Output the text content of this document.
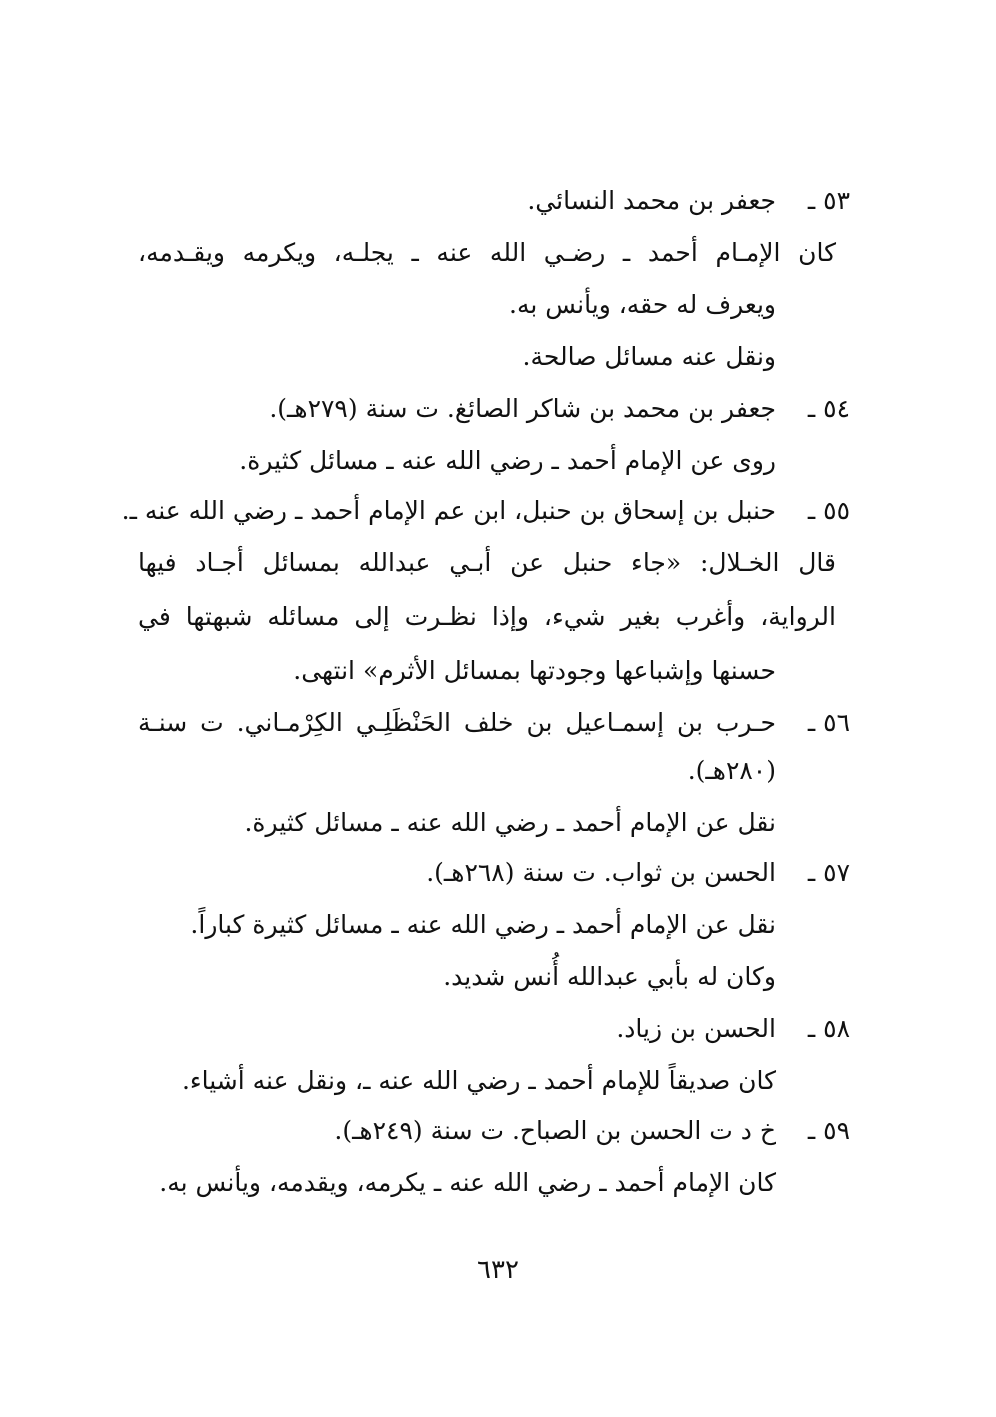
٥٣ ـ
جعفر بن محمد النسائي.
كان الإمـام أحمد ـ رضـي الله عنه ـ يجلـه، ويكرمه ويقـدمه،
ويعرف له حقه، ويأنس به.
ونقل عنه مسائل صالحة.
٥٤ ـ
جعفر بن محمد بن شاكر الصائغ. ت سنة (٢٧٩هـ).
روى عن الإمام أحمد ـ رضي الله عنه ـ مسائل كثيرة.
٥٥ ـ
حنبل بن إسحاق بن حنبل، ابن عم الإمام أحمد ـ رضي الله عنه ـ.
قال الخـلال: «جاء حنبل عن أبـي عبدالله بمسائل أجـاد فيها
الرواية، وأغرب بغير شيء، وإذا نظـرت إلى مسائله شبهتها في
حسنها وإشباعها وجودتها بمسائل الأثرم» انتهى.
٥٦ ـ
حـرب بن إسمـاعيل بن خلف الحَنْظَلِـي الكِرْمـاني. ت سنـة
(٢٨٠هـ).
نقل عن الإمام أحمد ـ رضي الله عنه ـ مسائل كثيرة.
٥٧ ـ
الحسن بن ثواب. ت سنة (٢٦٨هـ).
نقل عن الإمام أحمد ـ رضي الله عنه ـ مسائل كثيرة كباراً.
وكان له بأبي عبدالله أُنس شديد.
٥٨ ـ
الحسن بن زياد.
كان صديقاً للإمام أحمد ـ رضي الله عنه ـ، ونقل عنه أشياء.
٥٩ ـ
خ د ت الحسن بن الصباح. ت سنة (٢٤٩هـ).
كان الإمام أحمد ـ رضي الله عنه ـ يكرمه، ويقدمه، ويأنس به.
٦٣٢
